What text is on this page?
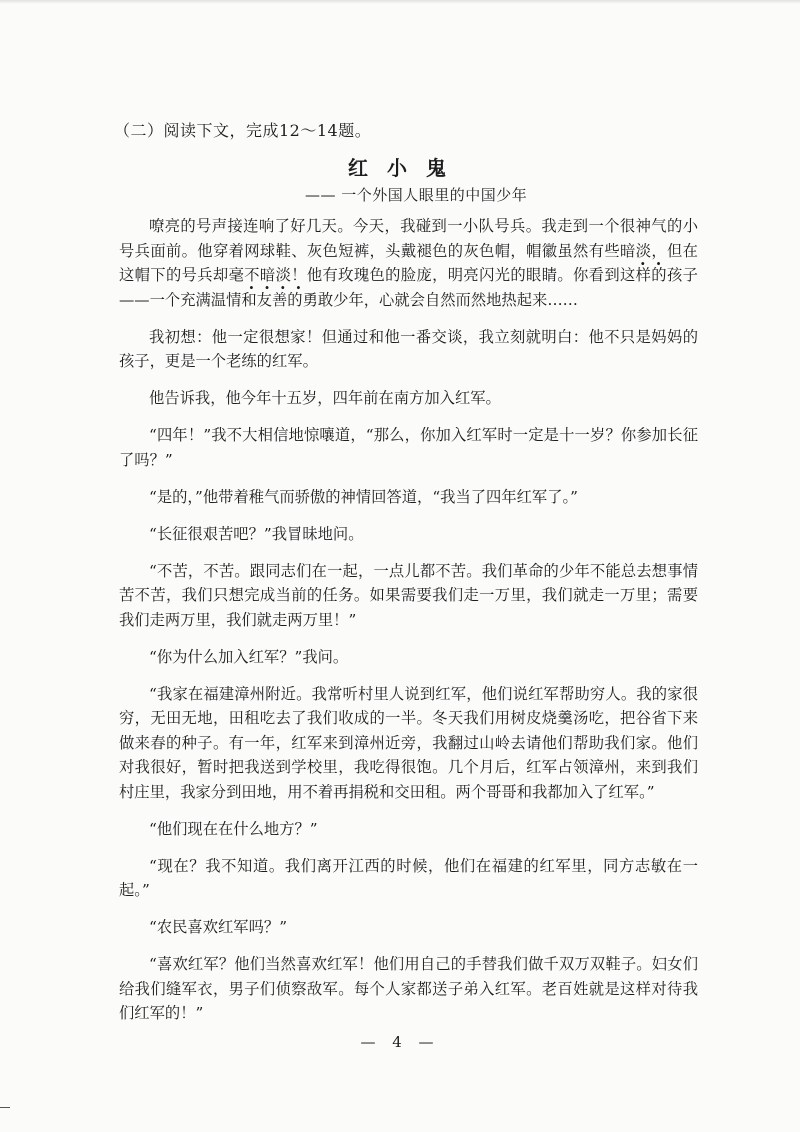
（二）阅读下文，完成12～14题。
红 小 鬼
—— 一个外国人眼里的中国少年

嘹亮的号声接连响了好几天。今天，我碰到一小队号兵。我走到一个很神气的小号兵面前。他穿着网球鞋、灰色短裤，头戴褪色的灰色帽，帽徽虽然有些暗淡，但在这帽下的号兵却毫不暗淡！他有玫瑰色的脸庞，明亮闪光的眼睛。你看到这样的孩子——一个充满温情和友善的勇敢少年，心就会自然而然地热起来……

我初想：他一定很想家！但通过和他一番交谈，我立刻就明白：他不只是妈妈的孩子，更是一个老练的红军。

他告诉我，他今年十五岁，四年前在南方加入红军。

“四年！”我不大相信地惊嚷道，“那么，你加入红军时一定是十一岁？你参加长征了吗？”

“是的，”他带着稚气而骄傲的神情回答道，“我当了四年红军了。”

“长征很艰苦吧？”我冒昧地问。

“不苦，不苦。跟同志们在一起，一点儿都不苦。我们革命的少年不能总去想事情苦不苦，我们只想完成当前的任务。如果需要我们走一万里，我们就走一万里；需要我们走两万里，我们就走两万里！”

“你为什么加入红军？”我问。

“我家在福建漳州附近。我常听村里人说到红军，他们说红军帮助穷人。我的家很穷，无田无地，田租吃去了我们收成的一半。冬天我们用树皮烧羹汤吃，把谷省下来做来春的种子。有一年，红军来到漳州近旁，我翻过山岭去请他们帮助我们家。他们对我很好，暂时把我送到学校里，我吃得很饱。几个月后，红军占领漳州，来到我们村庄里，我家分到田地，用不着再捐税和交田租。两个哥哥和我都加入了红军。”

“他们现在在什么地方？”

“现在？我不知道。我们离开江西的时候，他们在福建的红军里，同方志敏在一起。”

“农民喜欢红军吗？”

“喜欢红军？他们当然喜欢红军！他们用自己的手替我们做千双万双鞋子。妇女们给我们缝军衣，男子们侦察敌军。每个人家都送子弟入红军。老百姓就是这样对待我们红军的！”

— 4 —
